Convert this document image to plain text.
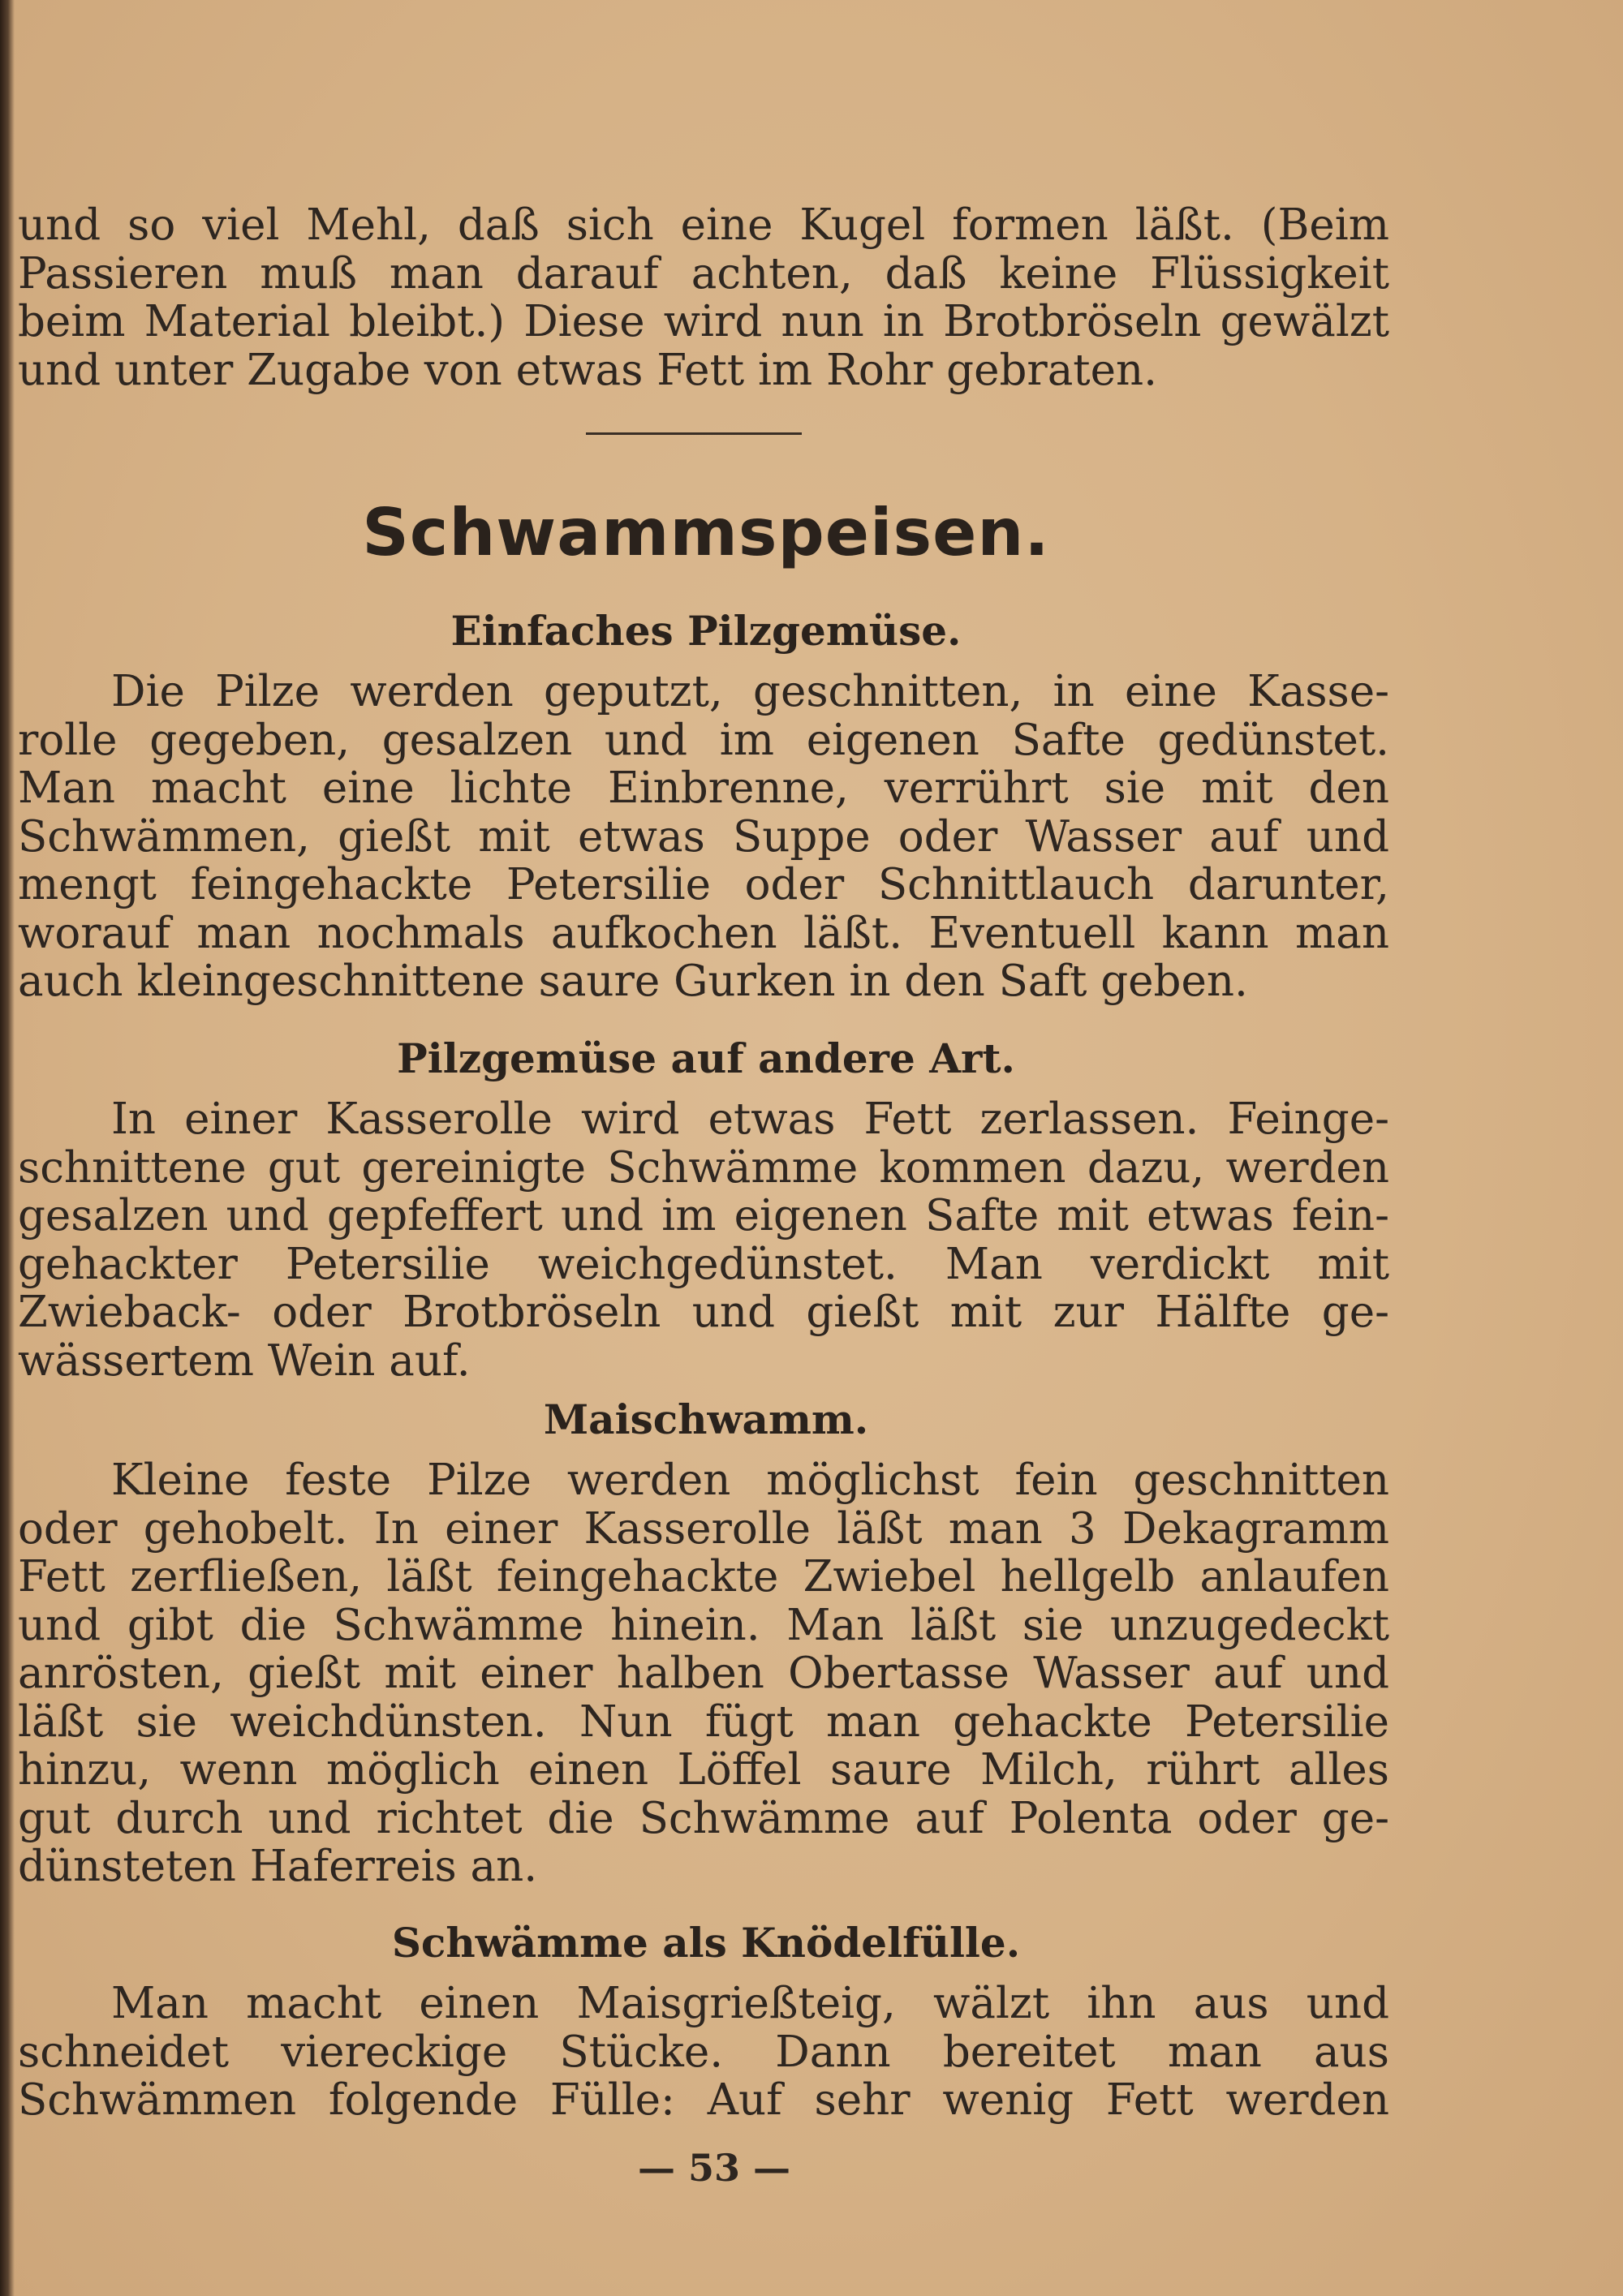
und so viel Mehl, daß sich eine Kugel formen läßt. (Beim
Passieren muß man darauf achten, daß keine Flüssigkeit
beim Material bleibt.) Diese wird nun in Brotbröseln gewälzt
und unter Zugabe von etwas Fett im Rohr gebraten.
Schwammspeisen.
Einfaches Pilzgemüse.
Die Pilze werden geputzt, geschnitten, in eine Kasse-
rolle gegeben, gesalzen und im eigenen Safte gedünstet.
Man macht eine lichte Einbrenne, verrührt sie mit den
Schwämmen, gießt mit etwas Suppe oder Wasser auf und
mengt feingehackte Petersilie oder Schnittlauch darunter,
worauf man nochmals aufkochen läßt. Eventuell kann man
auch kleingeschnittene saure Gurken in den Saft geben.
Pilzgemüse auf andere Art.
In einer Kasserolle wird etwas Fett zerlassen. Feinge-
schnittene gut gereinigte Schwämme kommen dazu, werden
gesalzen und gepfeffert und im eigenen Safte mit etwas fein-
gehackter Petersilie weichgedünstet. Man verdickt mit
Zwieback- oder Brotbröseln und gießt mit zur Hälfte ge-
wässertem Wein auf.
Maischwamm.
Kleine feste Pilze werden möglichst fein geschnitten
oder gehobelt. In einer Kasserolle läßt man 3 Dekagramm
Fett zerfließen, läßt feingehackte Zwiebel hellgelb anlaufen
und gibt die Schwämme hinein. Man läßt sie unzugedeckt
anrösten, gießt mit einer halben Obertasse Wasser auf und
läßt sie weichdünsten. Nun fügt man gehackte Petersilie
hinzu, wenn möglich einen Löffel saure Milch, rührt alles
gut durch und richtet die Schwämme auf Polenta oder ge-
dünsteten Haferreis an.
Schwämme als Knödelfülle.
Man macht einen Maisgrießteig, wälzt ihn aus und
schneidet viereckige Stücke. Dann bereitet man aus
Schwämmen folgende Fülle: Auf sehr wenig Fett werden
— 53 —
